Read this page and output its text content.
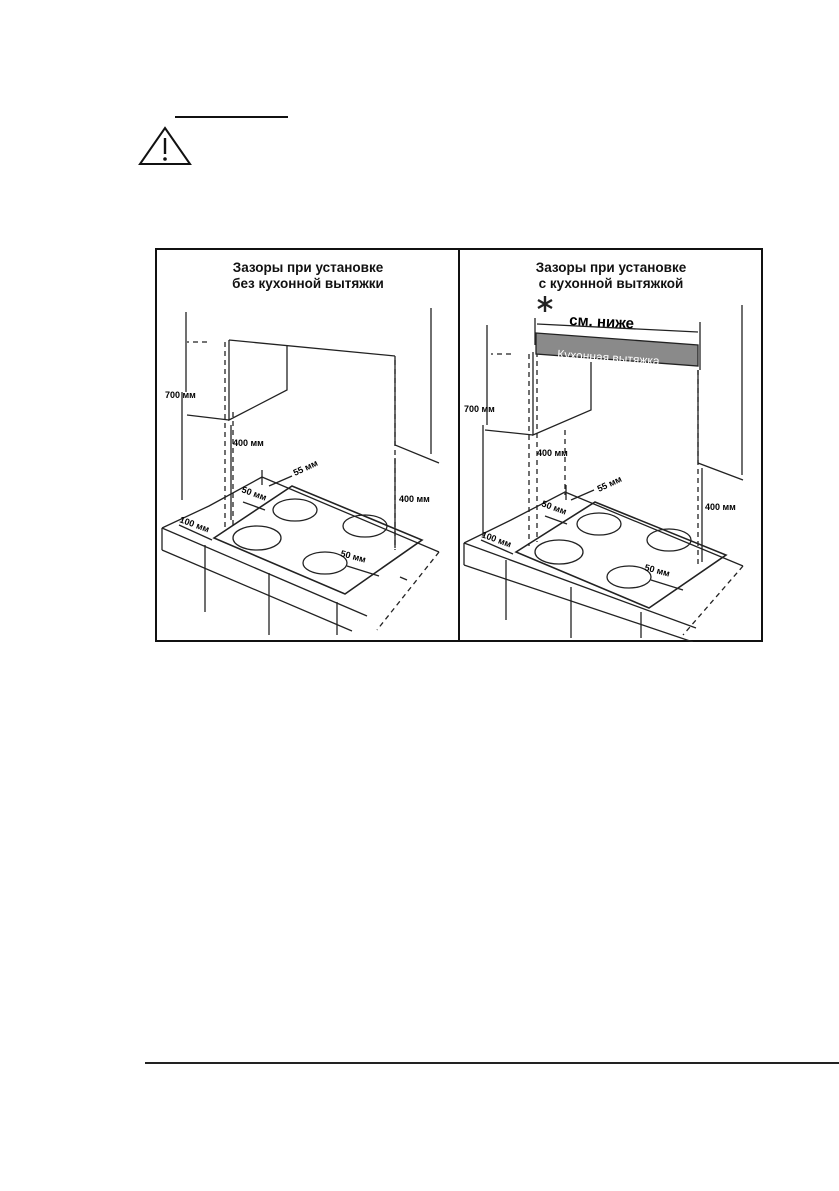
Зазоры при установке
без кухонной вытяжки
700 мм
400 мм
400 мм
55 мм
50 мм
100 мм
50 мм
Зазоры при установке
с кухонной вытяжкой
Кухонная вытяжка
см. ниже
700 мм
400 мм
400 мм
55 мм
50 мм
100 мм
50 мм
